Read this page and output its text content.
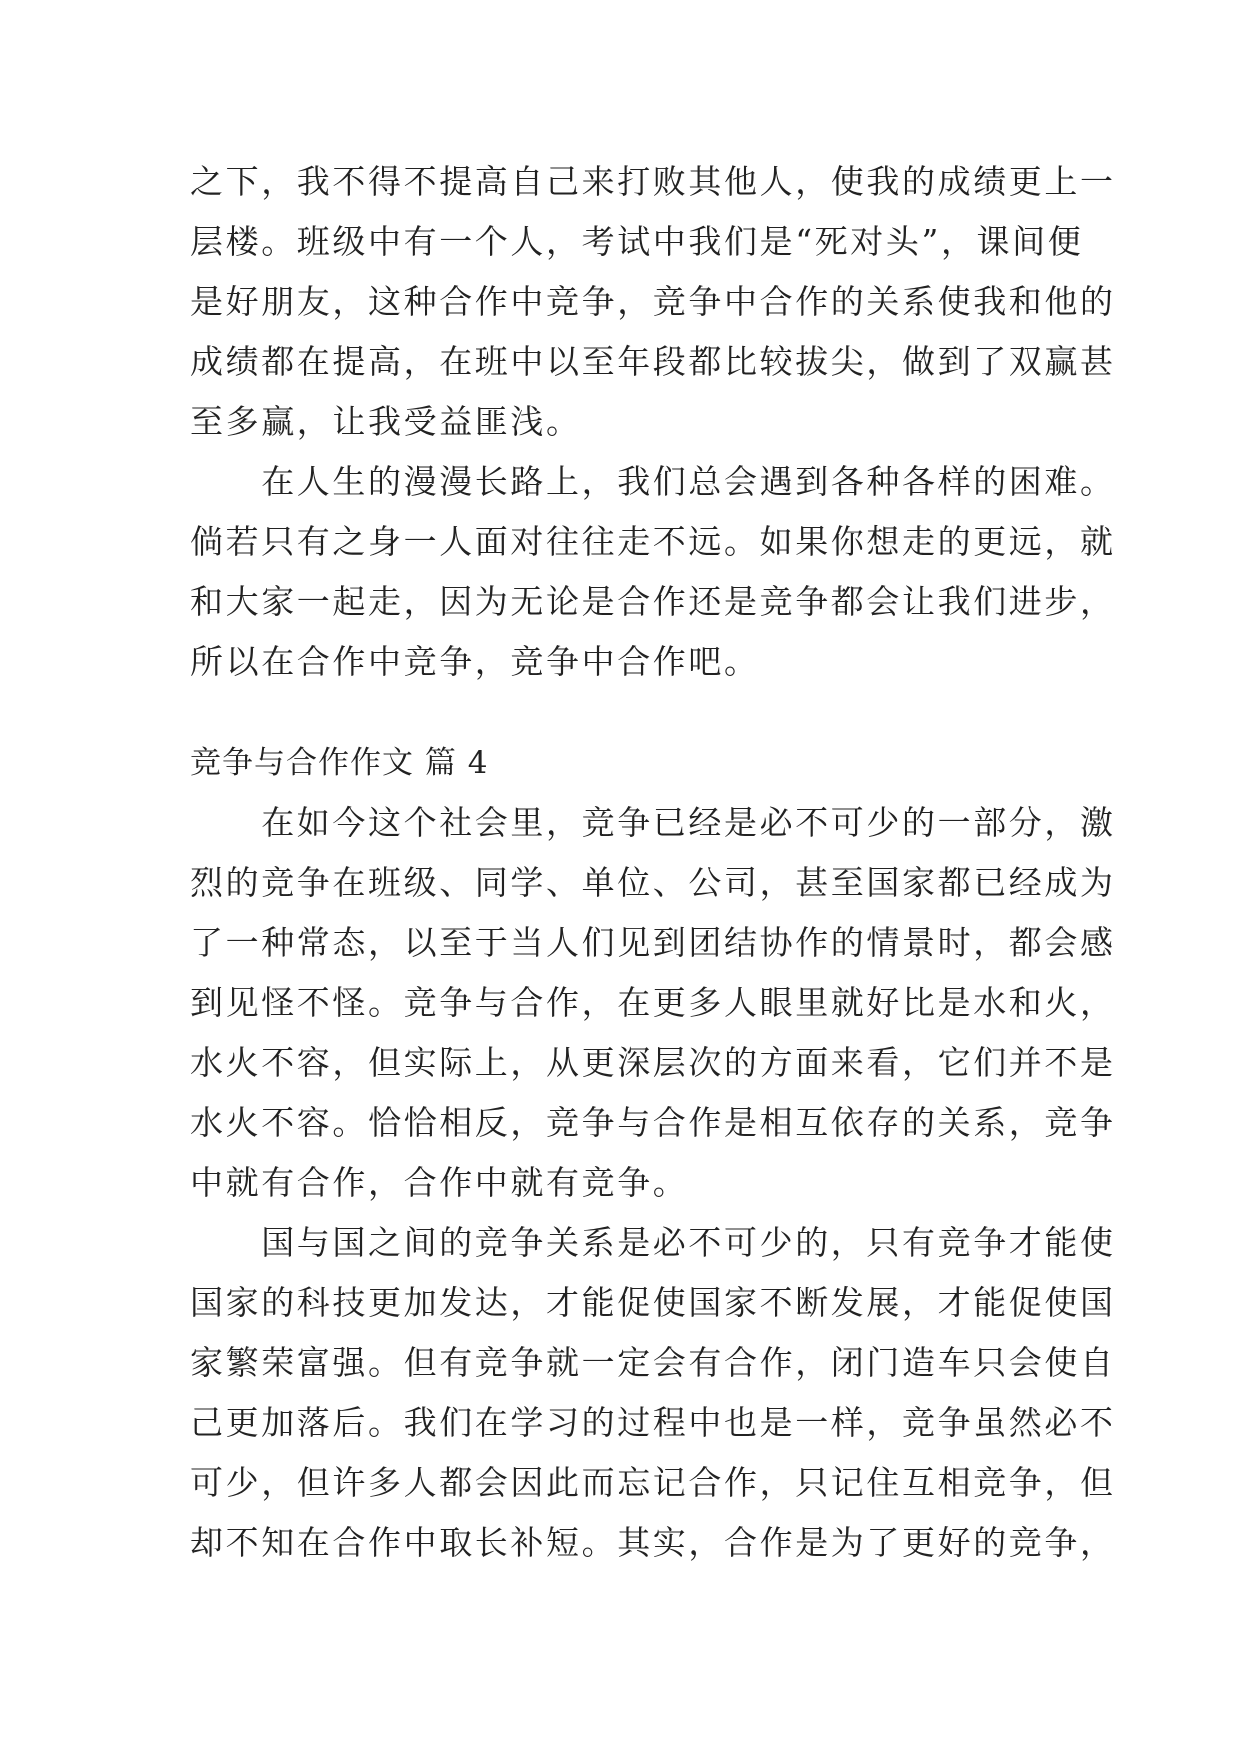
之下，我不得不提高自己来打败其他人，使我的成绩更上一
层楼。班级中有一个人，考试中我们是“死对头”，课间便
是好朋友，这种合作中竞争，竞争中合作的关系使我和他的
成绩都在提高，在班中以至年段都比较拔尖，做到了双赢甚
至多赢，让我受益匪浅。
　　在人生的漫漫长路上，我们总会遇到各种各样的困难。
倘若只有之身一人面对往往走不远。如果你想走的更远，就
和大家一起走，因为无论是合作还是竞争都会让我们进步，
所以在合作中竞争，竞争中合作吧。
竞争与合作作文 篇 4
　　在如今这个社会里，竞争已经是必不可少的一部分，激
烈的竞争在班级、同学、单位、公司，甚至国家都已经成为
了一种常态，以至于当人们见到团结协作的情景时，都会感
到见怪不怪。竞争与合作，在更多人眼里就好比是水和火，
水火不容，但实际上，从更深层次的方面来看，它们并不是
水火不容。恰恰相反，竞争与合作是相互依存的关系，竞争
中就有合作，合作中就有竞争。
　　国与国之间的竞争关系是必不可少的，只有竞争才能使
国家的科技更加发达，才能促使国家不断发展，才能促使国
家繁荣富强。但有竞争就一定会有合作，闭门造车只会使自
己更加落后。我们在学习的过程中也是一样，竞争虽然必不
可少，但许多人都会因此而忘记合作，只记住互相竞争，但
却不知在合作中取长补短。其实，合作是为了更好的竞争，
